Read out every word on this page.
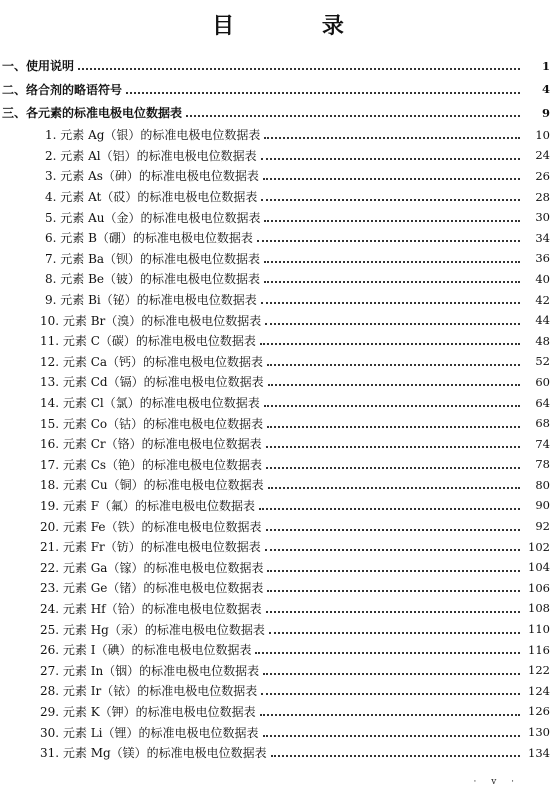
目 录
一、使用说明	1
二、络合剂的略语符号	4
三、各元素的标准电极电位数据表	9
1. 元素 Ag（银）的标准电极电位数据表	10
2. 元素 Al（铝）的标准电极电位数据表	24
3. 元素 As（砷）的标准电极电位数据表	26
4. 元素 At（砹）的标准电极电位数据表	28
5. 元素 Au（金）的标准电极电位数据表	30
6. 元素 B（硼）的标准电极电位数据表	34
7. 元素 Ba（钡）的标准电极电位数据表	36
8. 元素 Be（铍）的标准电极电位数据表	40
9. 元素 Bi（铋）的标准电极电位数据表	42
10. 元素 Br（溴）的标准电极电位数据表	44
11. 元素 C（碳）的标准电极电位数据表	48
12. 元素 Ca（钙）的标准电极电位数据表	52
13. 元素 Cd（镉）的标准电极电位数据表	60
14. 元素 Cl（氯）的标准电极电位数据表	64
15. 元素 Co（钴）的标准电极电位数据表	68
16. 元素 Cr（铬）的标准电极电位数据表	74
17. 元素 Cs（铯）的标准电极电位数据表	78
18. 元素 Cu（铜）的标准电极电位数据表	80
19. 元素 F（氟）的标准电极电位数据表	90
20. 元素 Fe（铁）的标准电极电位数据表	92
21. 元素 Fr（钫）的标准电极电位数据表	102
22. 元素 Ga（镓）的标准电极电位数据表	104
23. 元素 Ge（锗）的标准电极电位数据表	106
24. 元素 Hf（铪）的标准电极电位数据表	108
25. 元素 Hg（汞）的标准电极电位数据表	110
26. 元素 I（碘）的标准电极电位数据表	116
27. 元素 In（铟）的标准电极电位数据表	122
28. 元素 Ir（铱）的标准电极电位数据表	124
29. 元素 K（钾）的标准电极电位数据表	126
30. 元素 Li（锂）的标准电极电位数据表	130
31. 元素 Mg（镁）的标准电极电位数据表	134
· v ·
